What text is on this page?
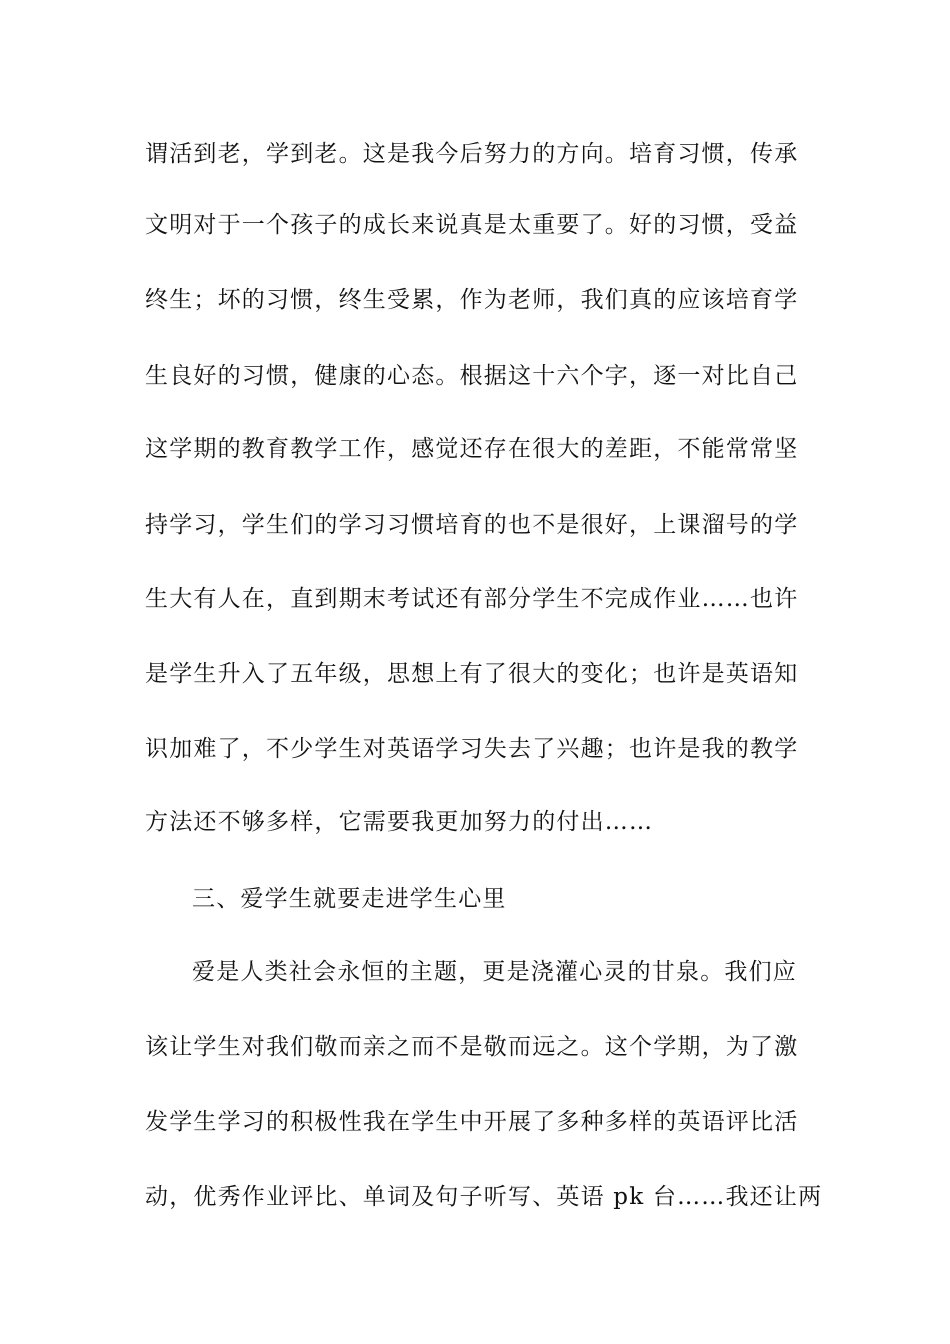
谓活到老，学到老。这是我今后努力的方向。培育习惯，传承
文明对于一个孩子的成长来说真是太重要了。好的习惯，受益
终生；坏的习惯，终生受累，作为老师，我们真的应该培育学
生良好的习惯，健康的心态。根据这十六个字，逐一对比自己
这学期的教育教学工作，感觉还存在很大的差距，不能常常坚
持学习，学生们的学习习惯培育的也不是很好，上课溜号的学
生大有人在，直到期末考试还有部分学生不完成作业……也许
是学生升入了五年级，思想上有了很大的变化；也许是英语知
识加难了，不少学生对英语学习失去了兴趣；也许是我的教学
方法还不够多样，它需要我更加努力的付出……
三、爱学生就要走进学生心里
爱是人类社会永恒的主题，更是浇灌心灵的甘泉。我们应
该让学生对我们敬而亲之而不是敬而远之。这个学期，为了激
发学生学习的积极性我在学生中开展了多种多样的英语评比活
动，优秀作业评比、单词及句子听写、英语 pk 台……我还让两
